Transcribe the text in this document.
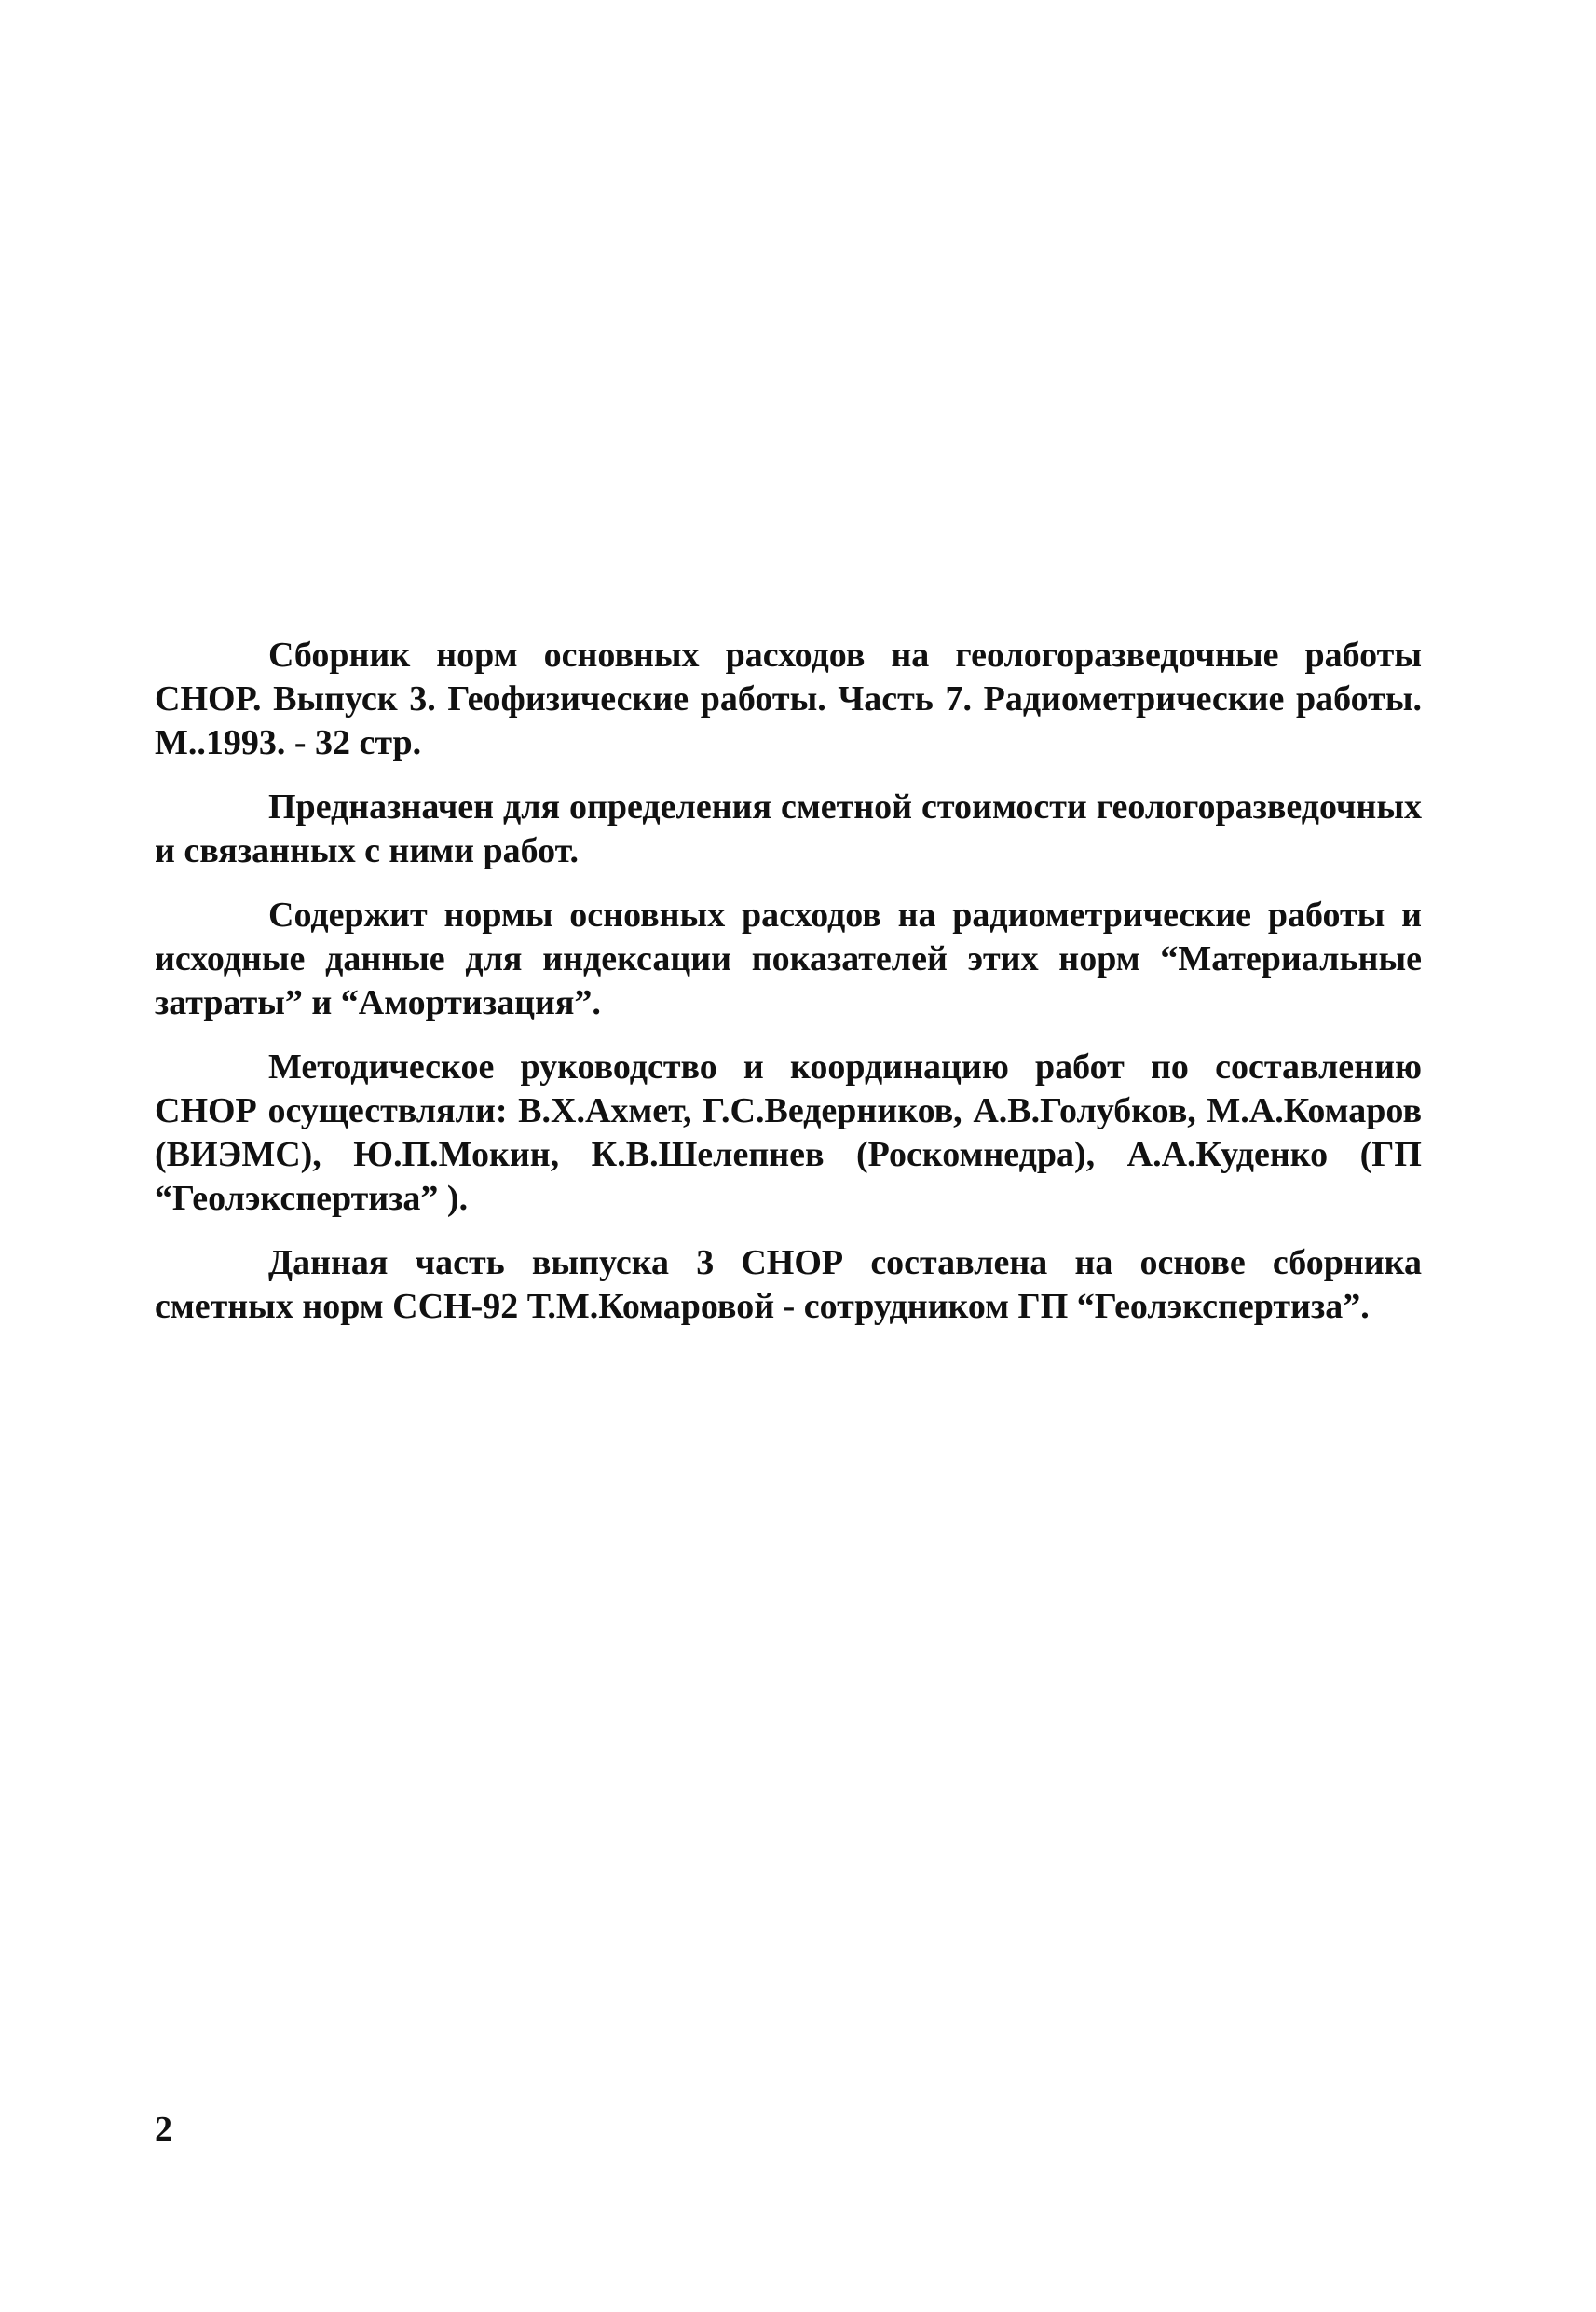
Сборник норм основных расходов на геологоразведочные работы СНОР. Выпуск 3. Геофизические работы. Часть 7. Радиометрические работы. М..1993. - 32 стр.

Предназначен для определения сметной стоимости геологоразведочных и связанных с ними работ.

Содержит нормы основных расходов на радиометрические работы и исходные данные для индексации показателей этих норм “Материальные затраты” и “Амортизация”.

Методическое руководство и координацию работ по составлению СНОР осуществляли: В.Х.Ахмет, Г.С.Ведерников, А.В.Голубков, М.А.Комаров (ВИЭМС), Ю.П.Мокин, К.В.Шелепнев (Роскомнедра), А.А.Куденко (ГП “Геолэкспертиза” ).

Данная часть выпуска 3 СНОР составлена на основе сборника сметных норм ССН-92 Т.М.Комаровой - сотрудником ГП “Геолэкспертиза”.

2
